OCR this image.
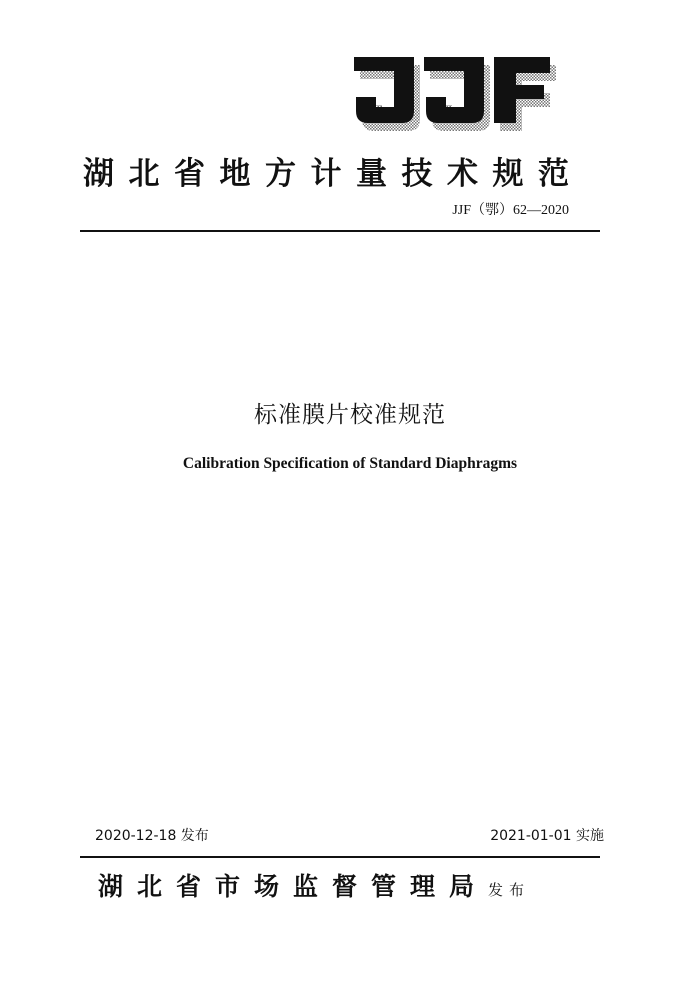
湖北省地方计量技术规范
JJF（鄂）62—2020
标准膜片校准规范
Calibration Specification of Standard Diaphragms
2020-12-18 发布	2021-01-01 实施
湖北省市场监督管理局发布
